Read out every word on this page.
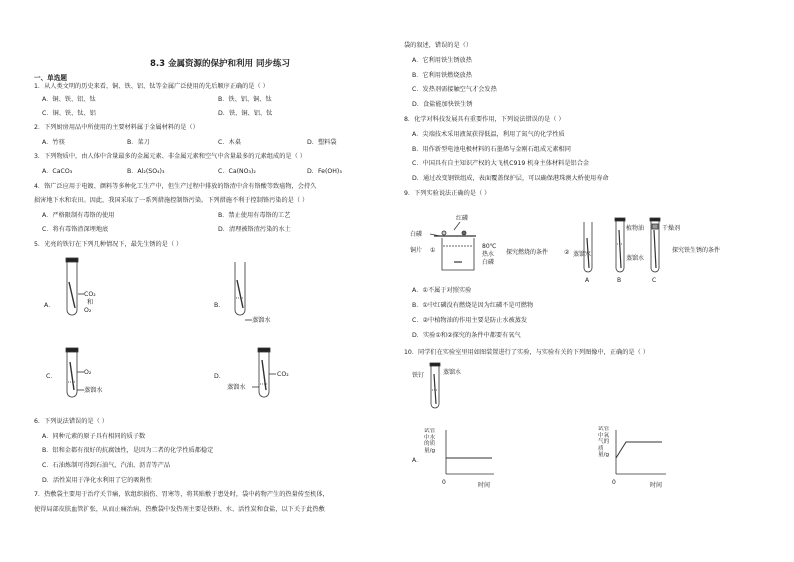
8.3 金属资源的保护和利用 同步练习
一、单选题
1．从人类文明的历史来看，铜、铁、铝、钛等金属广泛使用的先后顺序正确的是（ ）
A．铜、铁、铝、钛	B．铁、铝、铜、钛
C．铜、铁、钛、铝	D．铁、铜、铝、钛
2．下列厨房用品中所使用的主要材料属于金属材料的是（）
A．竹筷	B．菜刀	C．木桌	D．塑料袋
3．下列物质中，由人体中含量最多的金属元素、非金属元素和空气中含量最多的元素组成的是（ ）
A．CaCO₃	B．Al₂(SO₄)₃	C．Ca(NO₃)₂	D．Fe(OH)₃
4．铬广泛应用于电镀、颜料等多种化工生产中，但生产过程中排放的铬渣中含有铬酸等致癌物，会持久
损害地下水和农田。因此，我国采取了一系列措施控制铬污染。下列措施不利于控制铬污染的是（ ）
A．严格限制有毒铬的使用	B．禁止使用有毒铬的工艺
C．将有毒铬渣深埋地底	D．清理被铬渣污染的水土
5．光亮的铁钉在下列几种情况下，最先生锈的是（ ）
A．
CO₂
和
O₂
B．
蒸馏水
C．
O₂
蒸馏水
D．	CO₂
蒸馏水
6．下列说法错误的是（ ）
A．同种元素的原子具有相同的质子数
B．铝和金都有很好的抗腐蚀性，是因为二者的化学性质都稳定
C．石油炼制可得到石油气、汽油、沥青等产品
D．活性炭用于净化水利用了它的吸附性
7．热敷袋主要用于治疗关节痛，软组织损伤、胃寒等，将其贴敷于患处时，袋中药物产生的热量传至机体，
使得局部皮肤血管扩张，从而止痛治病，热敷袋中发热剂主要是铁粉、水、活性炭和食盐，以下关于此热敷
袋的叙述，错误的是（）
A．它利用铁生锈放热
B．它利用铁燃烧放热
C．发热剂需接触空气才会发热
D．食盐能加快铁生锈
8．化学对科技发展具有重要作用，下列说法错误的是（ ）
A．尖端技术采用液氮获得低温，利用了氮气的化学性质
B．用作新型电池电极材料的石墨烯与金刚石组成元素相同
C．中国具有自主知识产权的大飞机C919 机身主体材料是铝合金
D．通过改变钢铁组成，表面覆盖保护层，可以确保港珠澳大桥使用寿命
9．下列实验说法正确的是（ ）
白磷
红磷
铜片
80℃
热水
白磷
①	探究燃烧的条件	② 蒸馏水
A
植物油
蒸馏水
B
干燥剂
C
探究铁生锈的条件
A．①不属于对照实验
B．①中红磷没有燃烧是因为红磷不是可燃物
C．②中植物油的作用主要是防止水被蒸发
D．实验①和②探究的条件中都要有氧气
10．同学们在实验室里用如图装置进行了实验，与实验有关的下列图像中，正确的是（ ）
铁钉	蒸馏水
A．
试管中水的质量/g
0	时间
试管中氧气的质量/g
0	时间
